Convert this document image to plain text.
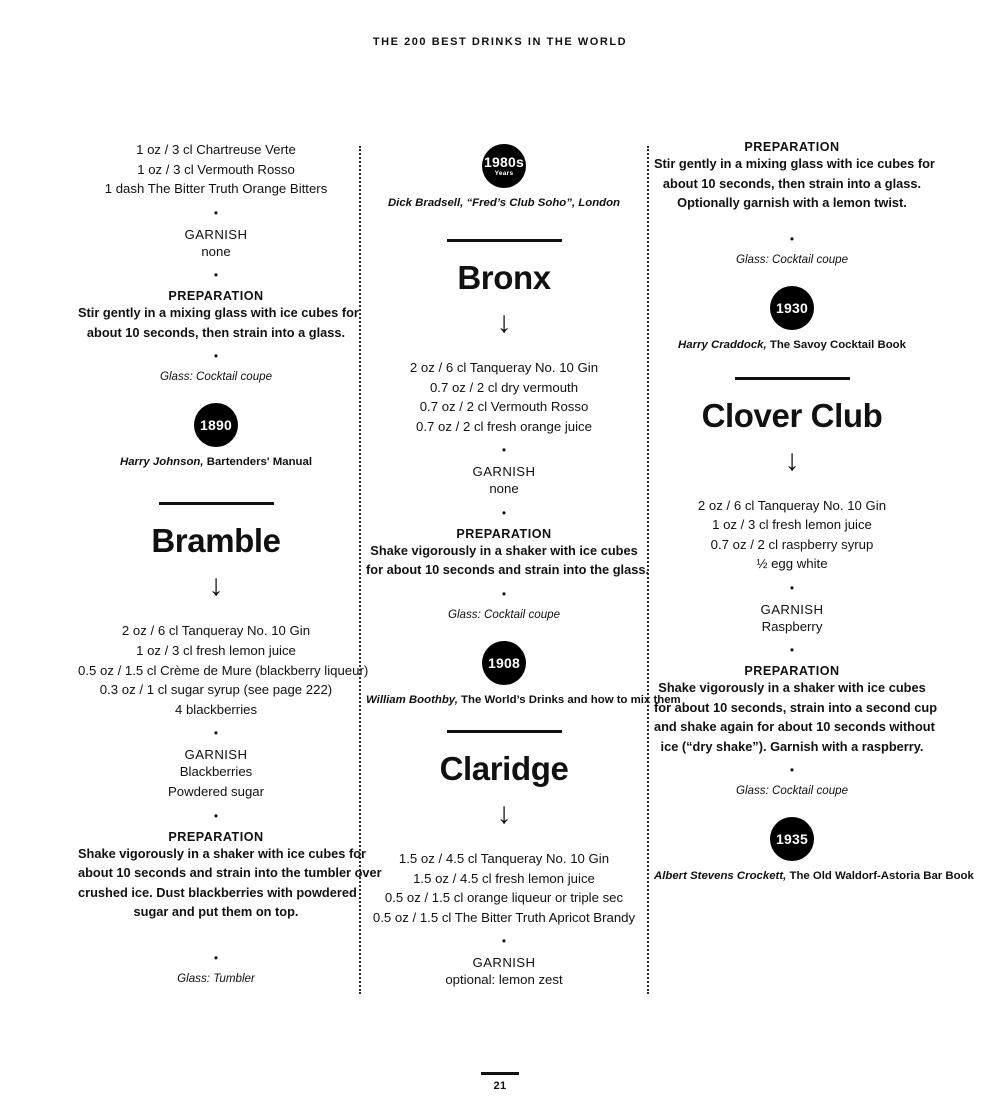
THE 200 BEST DRINKS IN THE WORLD
1 oz / 3 cl Chartreuse Verte
1 oz / 3 cl Vermouth Rosso
1 dash The Bitter Truth Orange Bitters
•
GARNISH
none
•
PREPARATION
Stir gently in a mixing glass with ice cubes for
about 10 seconds, then strain into a glass.
•
Glass: Cocktail coupe
1890
Harry Johnson, Bartenders' Manual
Bramble
↓
2 oz / 6 cl Tanqueray No. 10 Gin
1 oz / 3 cl fresh lemon juice
0.5 oz / 1.5 cl Crème de Mure (blackberry liqueur)
0.3 oz / 1 cl sugar syrup (see page 222)
4 blackberries
•
GARNISH
Blackberries
Powdered sugar
•
PREPARATION
Shake vigorously in a shaker with ice cubes for
about 10 seconds and strain into the tumbler over
crushed ice. Dust blackberries with powdered
sugar and put them on top.
•
Glass: Tumbler
1980s
Years
Dick Bradsell, “Fred’s Club Soho”, London
Bronx
↓
2 oz / 6 cl Tanqueray No. 10 Gin
0.7 oz / 2 cl dry vermouth
0.7 oz / 2 cl Vermouth Rosso
0.7 oz / 2 cl fresh orange juice
•
GARNISH
none
•
PREPARATION
Shake vigorously in a shaker with ice cubes
for about 10 seconds and strain into the glass.
•
Glass: Cocktail coupe
1908
William Boothby, The World’s Drinks and how to mix them
Claridge
↓
1.5 oz / 4.5 cl Tanqueray No. 10 Gin
1.5 oz / 4.5 cl fresh lemon juice
0.5 oz / 1.5 cl orange liqueur or triple sec
0.5 oz / 1.5 cl The Bitter Truth Apricot Brandy
•
GARNISH
optional: lemon zest
PREPARATION
Stir gently in a mixing glass with ice cubes for
about 10 seconds, then strain into a glass.
Optionally garnish with a lemon twist.
•
Glass: Cocktail coupe
1930
Harry Craddock, The Savoy Cocktail Book
Clover Club
↓
2 oz / 6 cl Tanqueray No. 10 Gin
1 oz / 3 cl fresh lemon juice
0.7 oz / 2 cl raspberry syrup
½ egg white
•
GARNISH
Raspberry
•
PREPARATION
Shake vigorously in a shaker with ice cubes
for about 10 seconds, strain into a second cup
and shake again for about 10 seconds without
ice (“dry shake”). Garnish with a raspberry.
•
Glass: Cocktail coupe
1935
Albert Stevens Crockett, The Old Waldorf-Astoria Bar Book
21
